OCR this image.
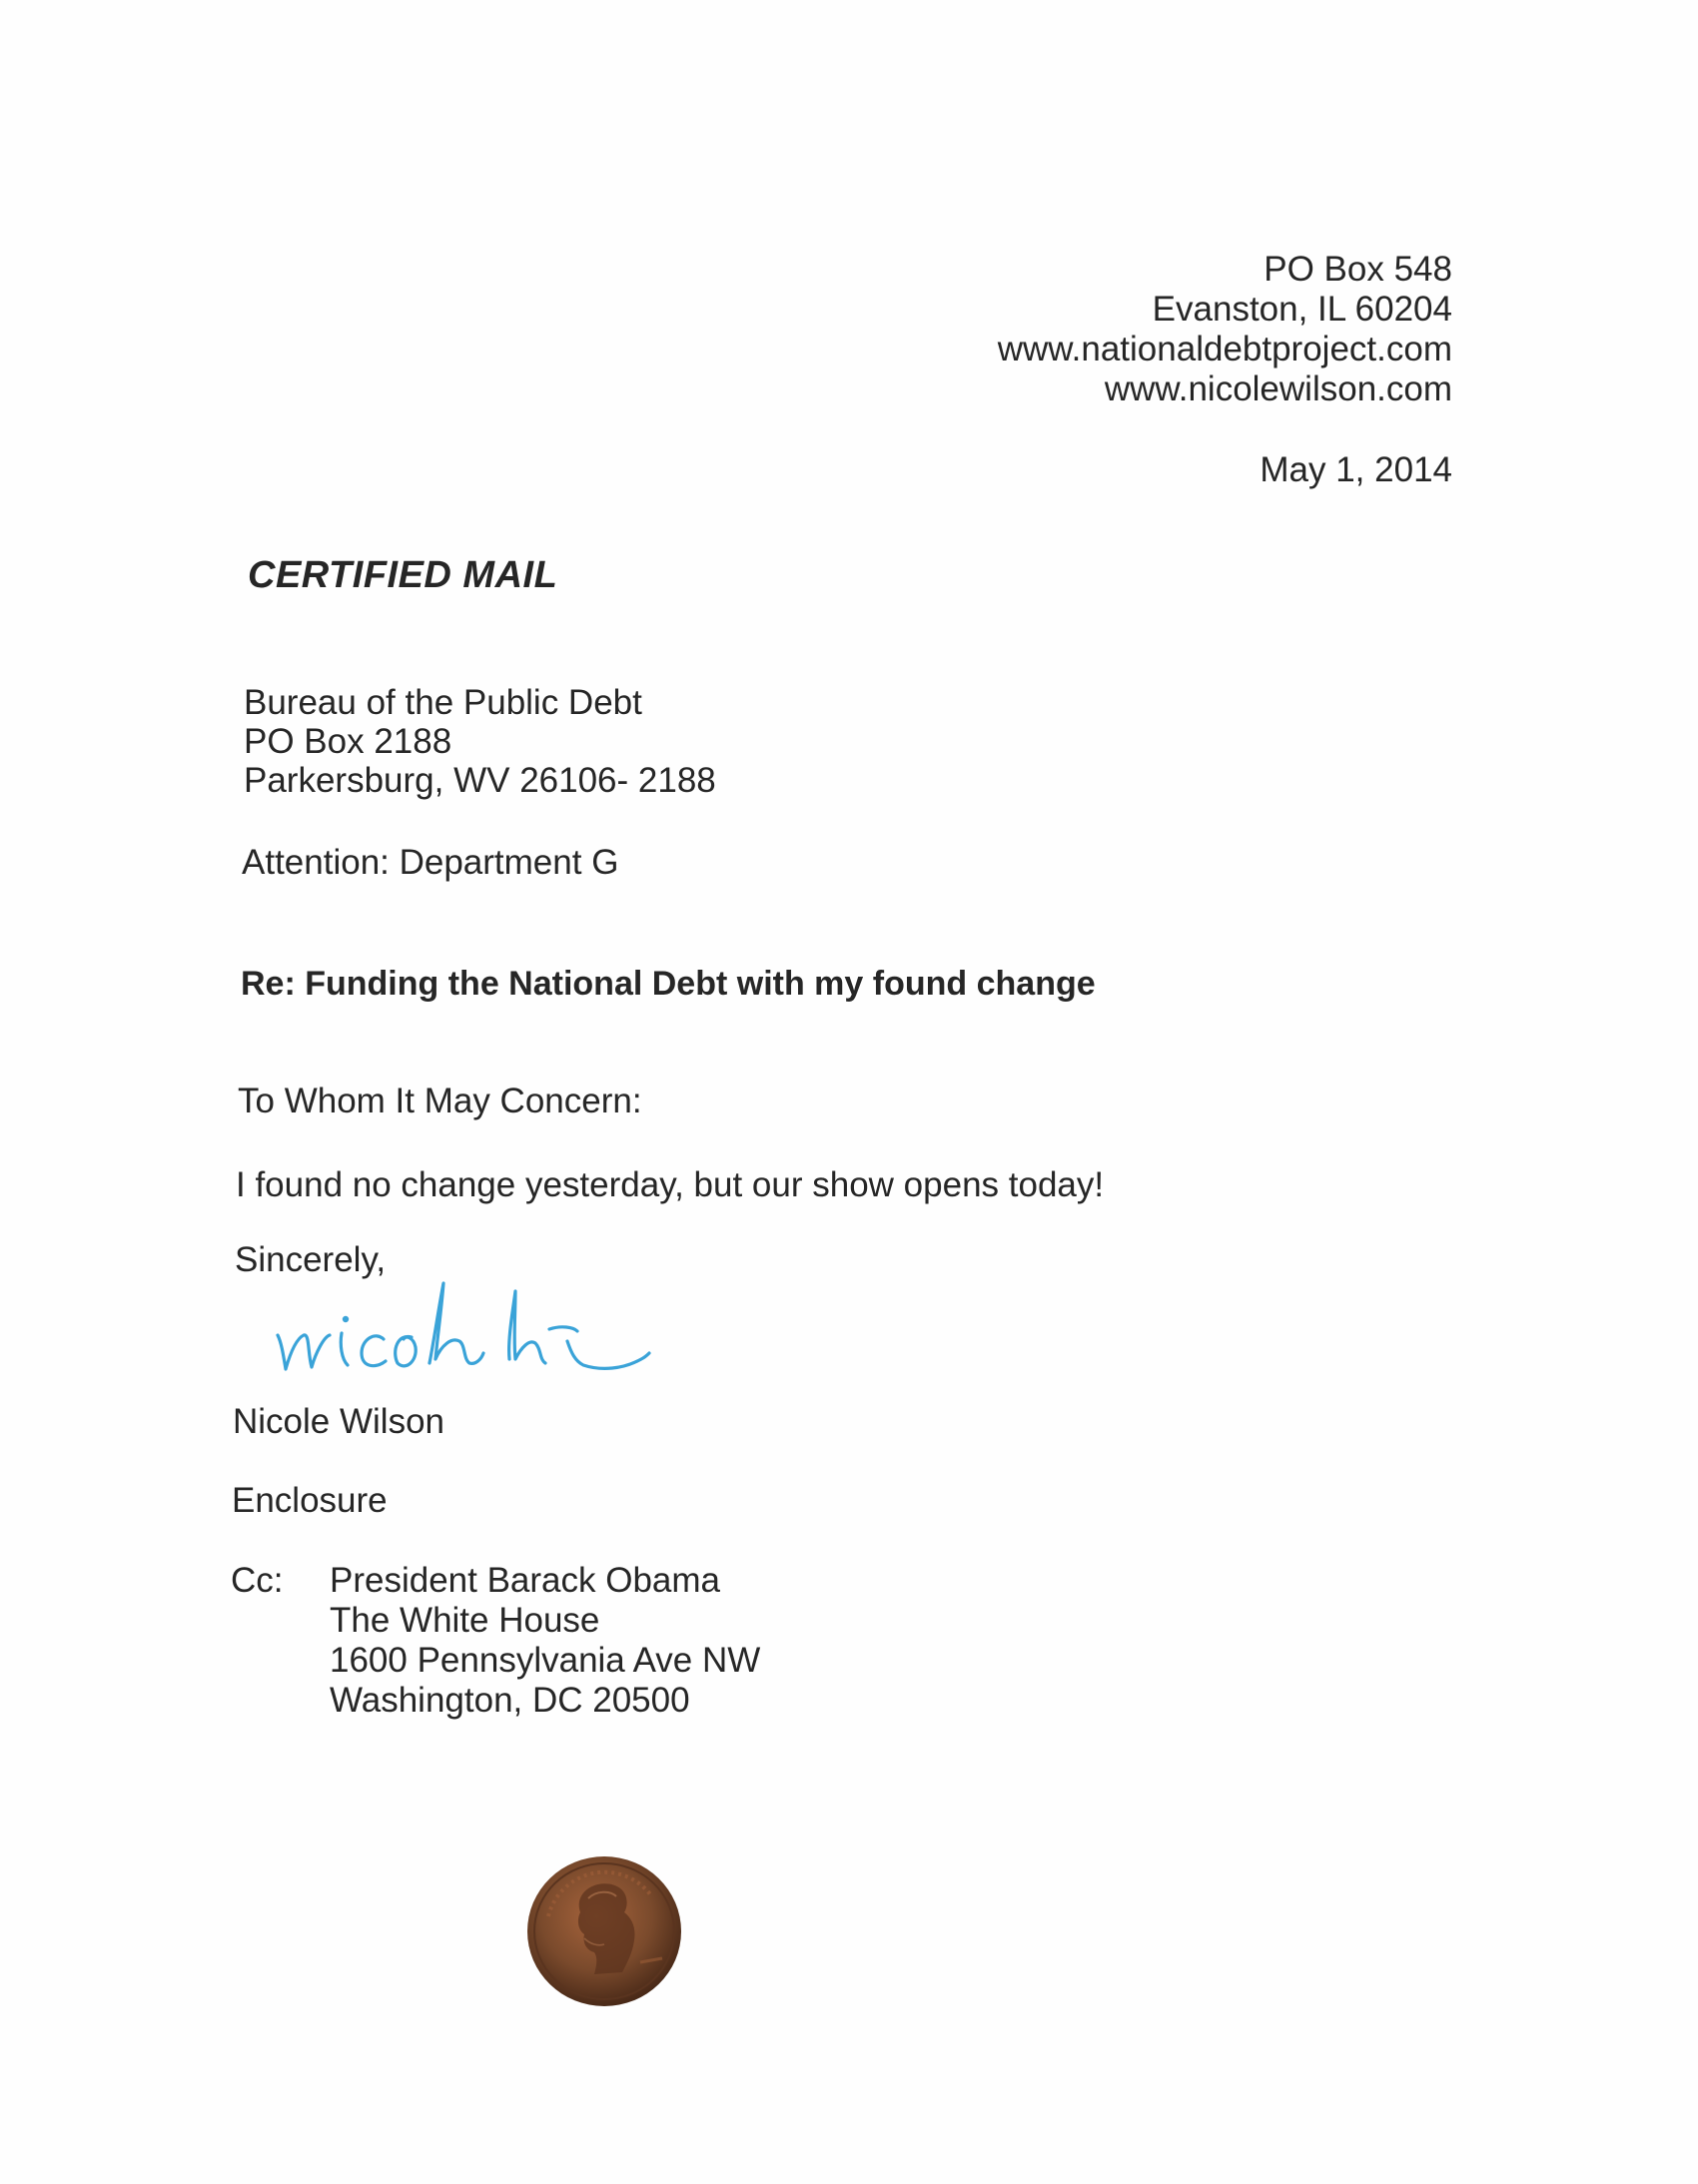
PO Box 548
Evanston, IL 60204
www.nationaldebtproject.com
www.nicolewilson.com
May 1, 2014
CERTIFIED MAIL
Bureau of the Public Debt
PO Box 2188
Parkersburg, WV 26106- 2188
Attention: Department G
Re: Funding the National Debt with my found change
To Whom It May Concern:
I found no change yesterday, but our show opens today!
Sincerely,
Nicole Wilson
Enclosure
Cc: President Barack Obama
The White House
1600 Pennsylvania Ave NW
Washington, DC 20500
